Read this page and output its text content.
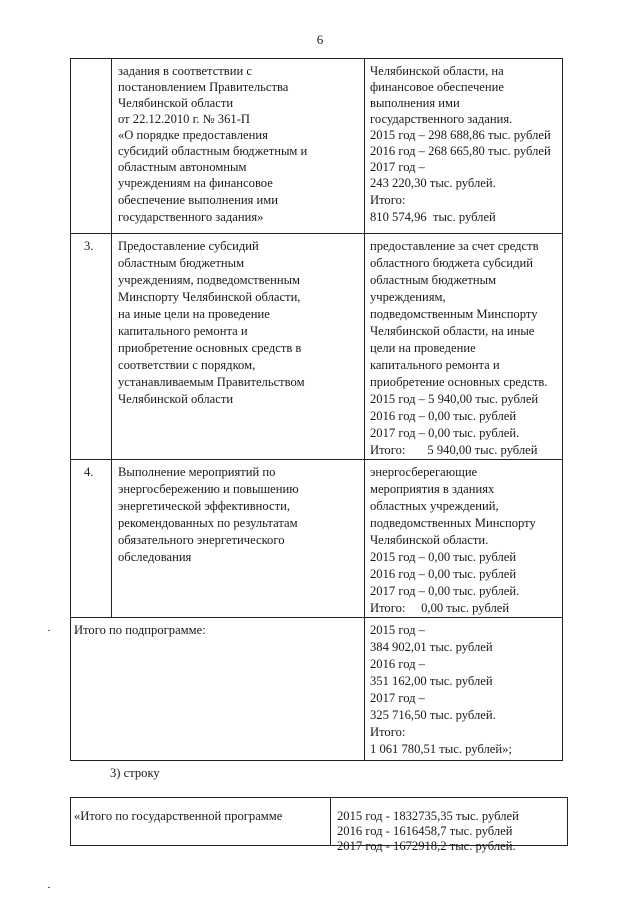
6
задания в соответствии с
постановлением Правительства
Челябинской области
от 22.12.2010 г. № 361-П
«О порядке предоставления
субсидий областным бюджетным и
областным автономным
учреждениям на финансовое
обеспечение выполнения ими
государственного задания»
Челябинской области, на
финансовое обеспечение
выполнения ими
государственного задания.
2015 год – 298 688,86 тыс. рублей
2016 год – 268 665,80 тыс. рублей
2017 год –
243 220,30 тыс. рублей.
Итого:
810 574,96  тыс. рублей
3. Предоставление субсидий
областным бюджетным
учреждениям, подведомственным
Минспорту Челябинской области,
на иные цели на проведение
капитального ремонта и
приобретение основных средств в
соответствии с порядком,
устанавливаемым Правительством
Челябинской области
предоставление за счет средств
областного бюджета субсидий
областным бюджетным
учреждениям,
подведомственным Минспорту
Челябинской области, на иные
цели на проведение
капитального ремонта и
приобретение основных средств.
2015 год – 5 940,00 тыс. рублей
2016 год – 0,00 тыс. рублей
2017 год – 0,00 тыс. рублей.
Итого:       5 940,00 тыс. рублей
4. Выполнение мероприятий по
энергосбережению и повышению
энергетической эффективности,
рекомендованных по результатам
обязательного энергетического
обследования
энергосберегающие
мероприятия в зданиях
областных учреждений,
подведомственных Минспорту
Челябинской области.
2015 год – 0,00 тыс. рублей
2016 год – 0,00 тыс. рублей
2017 год – 0,00 тыс. рублей.
Итого:     0,00 тыс. рублей
Итого по подпрограмме:	2015 год –
384 902,01 тыс. рублей
2016 год –
351 162,00 тыс. рублей
2017 год –
325 716,50 тыс. рублей.
Итого:
1 061 780,51 тыс. рублей»;
3) строку
«Итого по государственной программе	2015 год - 1832735,35 тыс. рублей
2016 год - 1616458,7 тыс. рублей
2017 год - 1672918,2 тыс. рублей.
